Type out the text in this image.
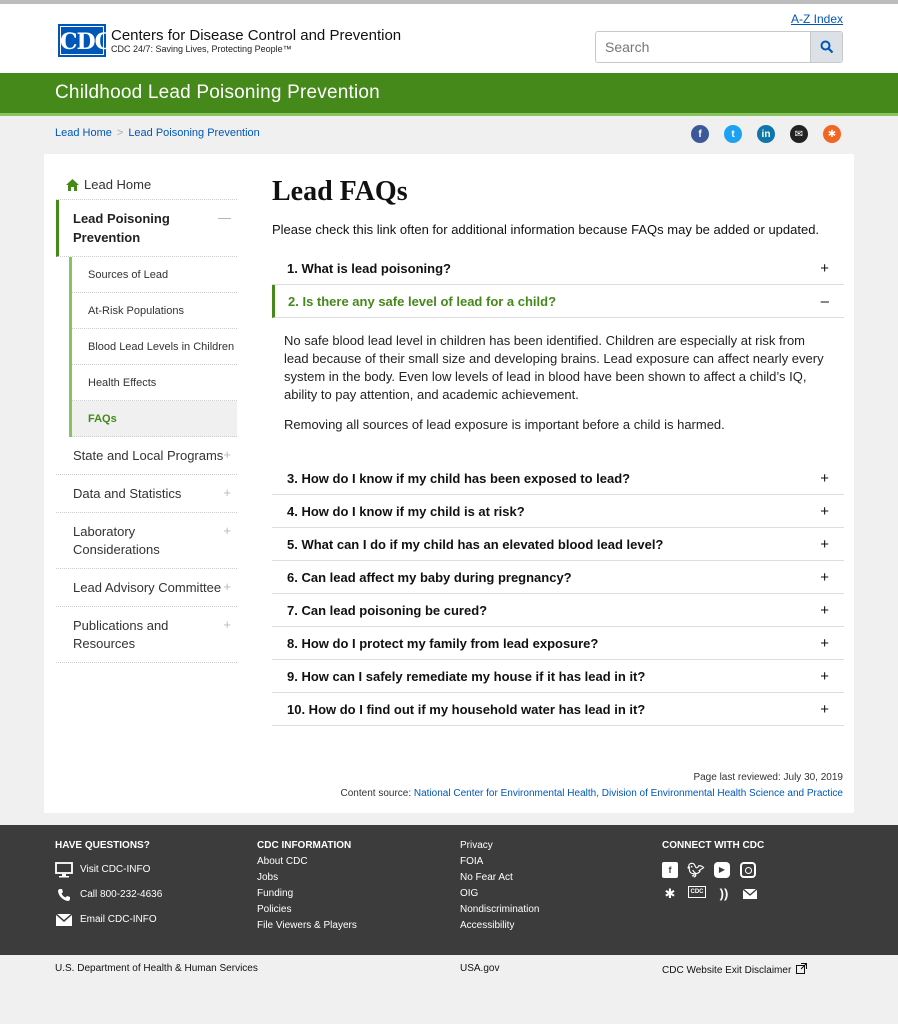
CDC Centers for Disease Control and Prevention
CDC 24/7: Saving Lives, Protecting People™
A-Z Index
Search
Childhood Lead Poisoning Prevention
Lead Home > Lead Poisoning Prevention	f	t	in	✉	✱
Lead Home
Lead Poisoning Prevention
—
Sources of Lead
At-Risk Populations
Blood Lead Levels in Children
Health Effects
FAQs
State and Local Programs +
Data and Statistics	+
Laboratory Considerations
+
Lead Advisory Committee +
Publications and Resources
+
Lead FAQs

Please check this link often for additional information because FAQs may be added or updated.

1. What is lead poisoning?	+
2. Is there any safe level of lead for a child?	–

No safe blood lead level in children has been identified. Children are especially at risk from lead because of their small size and developing brains. Lead exposure can affect nearly every system in the body. Even low levels of lead in blood have been shown to affect a child’s IQ, ability to pay attention, and academic achievement.

Removing all sources of lead exposure is important before a child is harmed.

3. How do I know if my child has been exposed to lead?	+
4. How do I know if my child is at risk?	+
5. What can I do if my child has an elevated blood lead level?	+
6. Can lead affect my baby during pregnancy?	+
7. Can lead poisoning be cured?	+
8. How do I protect my family from lead exposure?	+
9. How can I safely remediate my house if it has lead in it?	+
10. How do I find out if my household water has lead in it?	+
Page last reviewed: July 30, 2019
Content source: National Center for Environmental Health, Division of Environmental Health Science and Practice
HAVE QUESTIONS?
Visit CDC-INFO
Call 800-232-4636
Email CDC-INFO
CDC INFORMATION
About CDC
Jobs
Funding
Policies
File Viewers & Players
Privacy
FOIA
No Fear Act
OIG
Nondiscrimination
Accessibility
CONNECT WITH CDC
f	🐦︎	▶
✱	CDC ))
U.S. Department of Health & Human Services	USA.gov	CDC Website Exit Disclaimer
